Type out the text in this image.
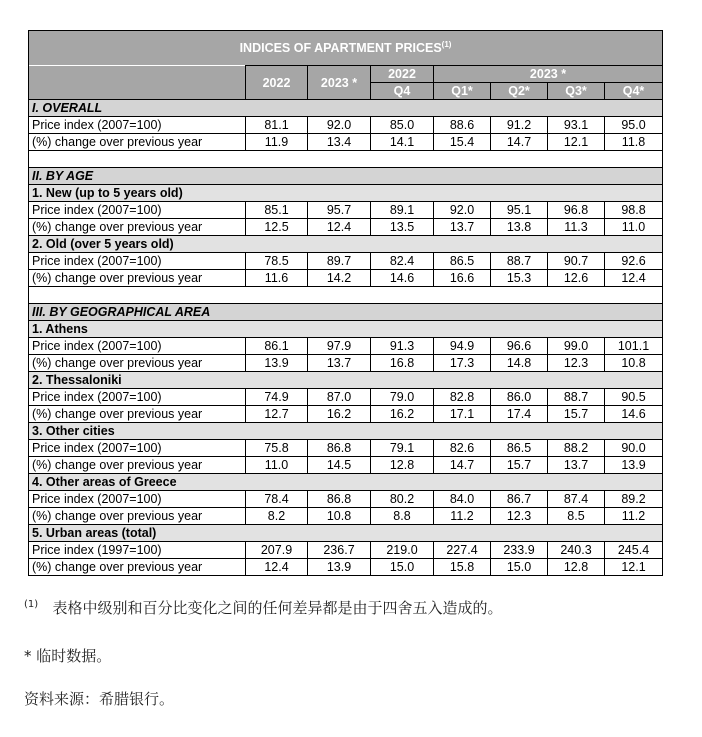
INDICES OF APARTMENT PRICES$^{(1)}$
	2022	2023 *	2022	2023 *			
			Q4	Q1*	Q2*	Q3*	Q4*
I. OVERALL							
Price index (2007=100)	81.1	92.0	85.0	88.6	91.2	93.1	95.0
(%) change over previous year	11.9	13.4	14.1	15.4	14.7	12.1	11.8

II. BY AGE							
1. New (up to 5 years old)							
Price index (2007=100)	85.1	95.7	89.1	92.0	95.1	96.8	98.8
(%) change over previous year	12.5	12.4	13.5	13.7	13.8	11.3	11.0
2. Old (over 5 years old)							
Price index (2007=100)	78.5	89.7	82.4	86.5	88.7	90.7	92.6
(%) change over previous year	11.6	14.2	14.6	16.6	15.3	12.6	12.4

III. BY GEOGRAPHICAL AREA							
1. Athens							
Price index (2007=100)	86.1	97.9	91.3	94.9	96.6	99.0	101.1
(%) change over previous year	13.9	13.7	16.8	17.3	14.8	12.3	10.8
2. Thessaloniki							
Price index (2007=100)	74.9	87.0	79.0	82.8	86.0	88.7	90.5
(%) change over previous year	12.7	16.2	16.2	17.1	17.4	15.7	14.6
3. Other cities							
Price index (2007=100)	75.8	86.8	79.1	82.6	86.5	88.2	90.0
(%) change over previous year	11.0	14.5	12.8	14.7	15.7	13.7	13.9
4. Other areas of Greece							
Price index (2007=100)	78.4	86.8	80.2	84.0	86.7	87.4	89.2
(%) change over previous year	8.2	10.8	8.8	11.2	12.3	8.5	11.2
5. Urban areas (total)							
Price index (1997=100)	207.9	236.7	219.0	227.4	233.9	240.3	245.4
(%) change over previous year	12.4	13.9	15.0	15.8	15.0	12.8	12.1
$^{(1)}$ 表格中级别和百分比变化之间的任何差异都是由于四舍五入造成的。
* 临时数据。
资料来源：希腊银行。
